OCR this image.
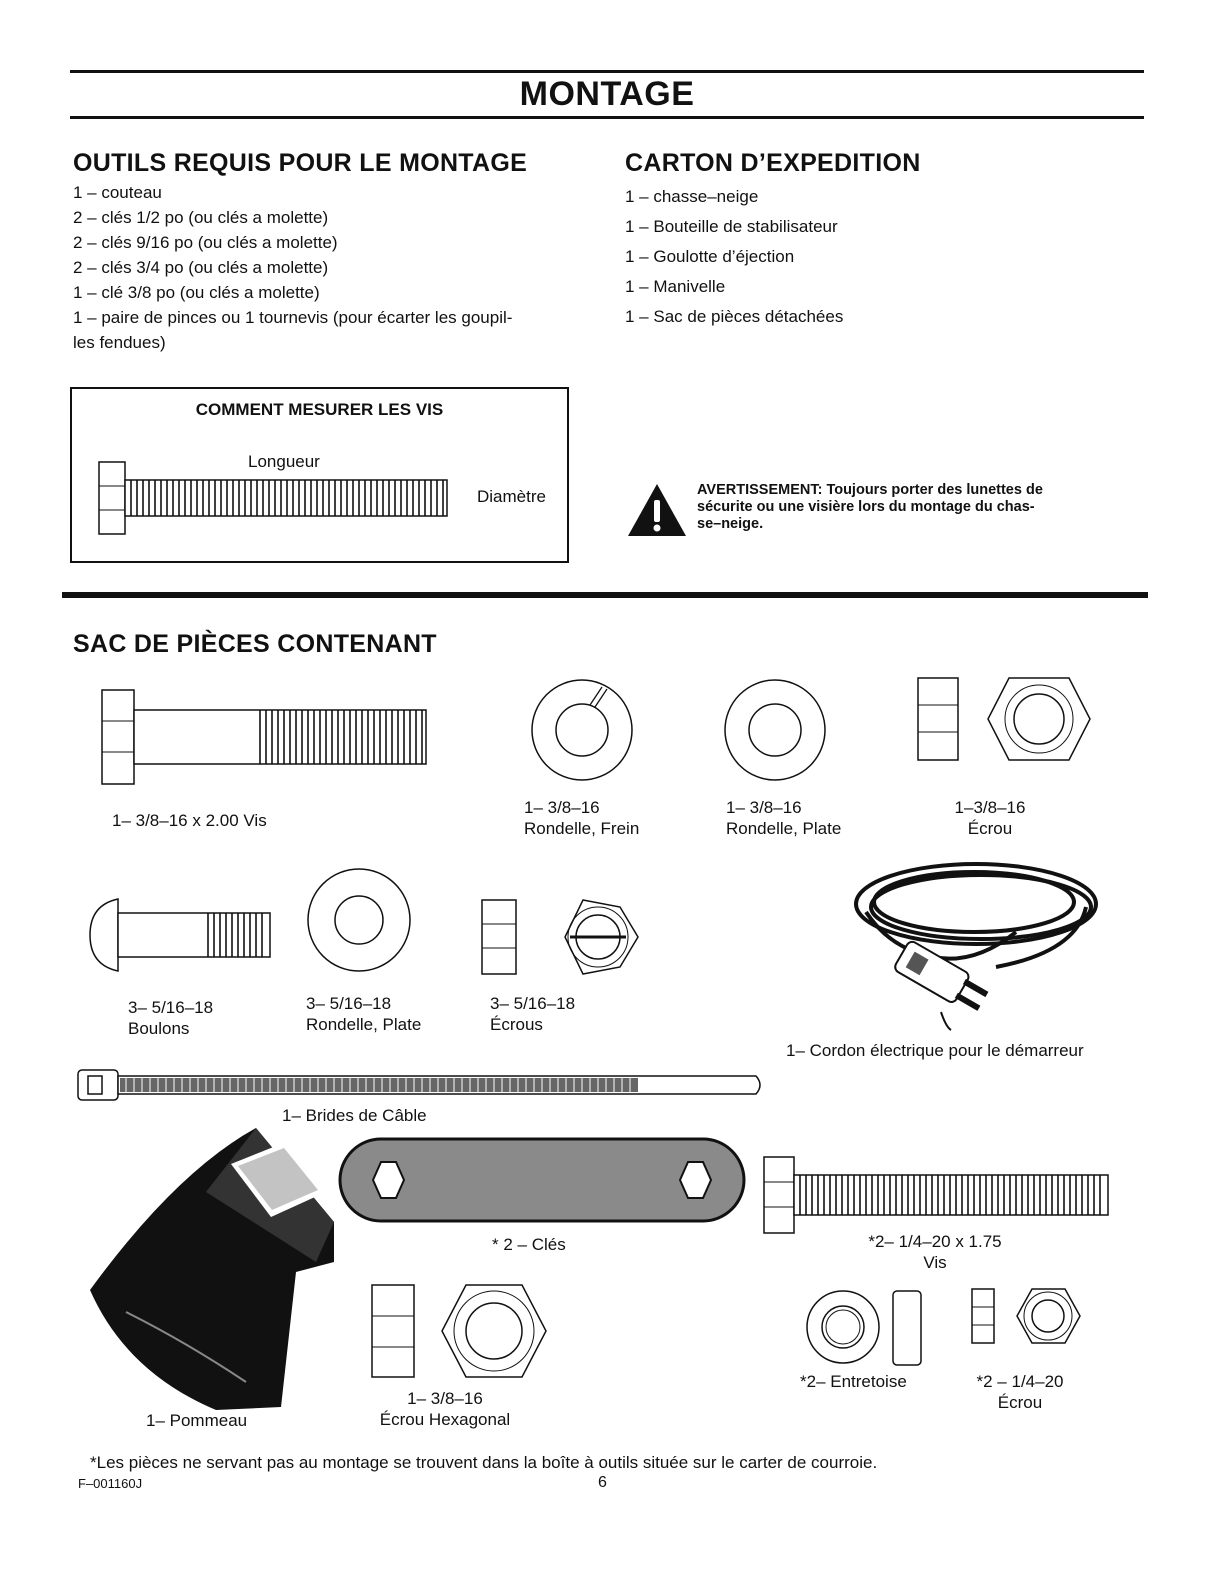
MONTAGE
OUTILS REQUIS POUR LE MONTAGE
1 – couteau
2 – clés 1/2 po (ou clés a molette)
2 – clés 9/16 po (ou clés a molette)
2 – clés 3/4 po (ou clés a molette)
1 – clé 3/8 po (ou clés a molette)
1 – paire de pinces ou 1 tournevis (pour écarter les goupil-
les fendues)
CARTON D’EXPEDITION
1 – chasse–neige
1 – Bouteille de stabilisateur
1 – Goulotte d’éjection
1 – Manivelle
1 – Sac de pièces détachées
COMMENT MESURER LES VIS
Longueur
Diamètre	AVERTISSEMENT: Toujours porter des lunettes de
sécurite ou une visière lors du montage du chas-
se–neige.
SAC DE PIÈCES CONTENANT
1– 3/8–16 x 2.00 Vis
1– 3/8–16
Rondelle, Frein
1– 3/8–16
Rondelle, Plate
1–3/8–16
Écrou
3– 5/16–18
Boulons
3– 5/16–18
Rondelle, Plate
3– 5/16–18
Écrous
1– Cordon électrique pour le démarreur
1– Brides de Câble
1– Pommeau
* 2 – Clés	*2– 1/4–20 x 1.75
Vis
1– 3/8–16
Écrou Hexagonal
*2– Entretoise	*2 – 1/4–20
Écrou
*Les pièces ne servant pas au montage se trouvent dans la boîte à outils située sur le carter de courroie.
F–001160J	6
